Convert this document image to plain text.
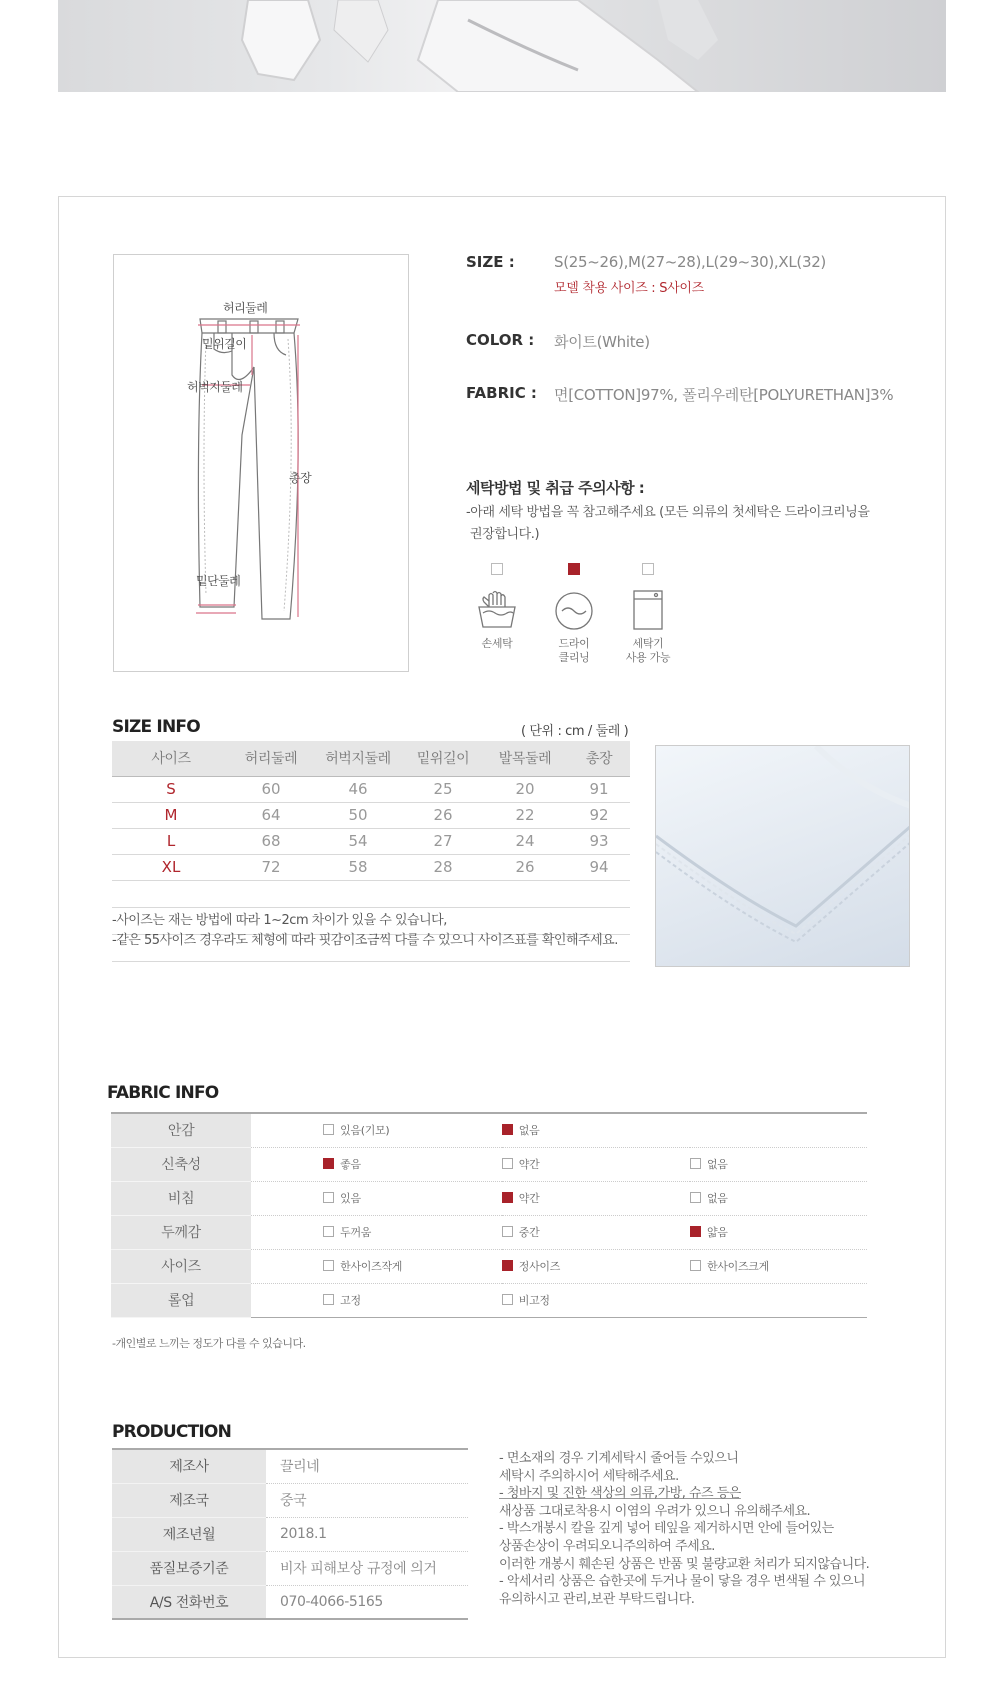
허리둘레
밑위길이
허벅지둘레
총장
밑단둘레
SIZE :	S(25~26),M(27~28),L(29~30),XL(32)
모델 착용 사이즈 : S사이즈
COLOR : 화이트(White)
FABRIC : 면[COTTON]97%, 폴리우레탄[POLYURETHAN]3%
세탁방법 및 취급 주의사항 :
-아래 세탁 방법을 꼭 참고해주세요 (모든 의류의 첫세탁은 드라이크리닝을
권장합니다.)
손세탁	드라이
클리닝
세탁기
사용 가능
SIZE INFO	( 단위 : cm / 둘레 )
사이즈	허리둘레	허벅지둘레	밑위길이	발목둘레	총장
S	60	46	25	20	91
M	64	50	26	22	92
L	68	54	27	24	93
XL	72	58	28	26	94

-사이즈는 재는 방법에 따라 1~2cm 차이가 있을 수 있습니다,
-같은 55사이즈 경우라도 체형에 따라 핏감이조금씩 다를 수 있으니 사이즈표를 확인해주세요.
FABRIC INFO
안감	있음(기모)	없음	
신축성	좋음	약간	없음
비침	있음	약간	없음
두께감	두꺼움	중간	얇음
사이즈	한사이즈작게	정사이즈	한사이즈크게
롤업	고정	비고정	
-개인별로 느끼는 정도가 다를 수 있습니다.
PRODUCTION
제조사	끌리네
제조국	중국
제조년월	2018.1
품질보증기준	비자 피해보상 규정에 의거
A/S 전화번호	070-4066-5165
- 면소재의 경우 기계세탁시 줄어들 수있으니
세탁시 주의하시어 세탁해주세요.
- 청바지 및 진한 색상의 의류,가방, 슈즈 등은
새상품 그대로착용시 이염의 우려가 있으니 유의해주세요.
- 박스개봉시 칼을 깊게 넣어 테잎을 제거하시면 안에 들어있는
상품손상이 우려되오니주의하여 주세요.
이러한 개봉시 훼손된 상품은 반품 및 불량교환 처리가 되지않습니다.
- 악세서리 상품은 습한곳에 두거나 물이 닿을 경우 변색될 수 있으니
유의하시고 관리,보관 부탁드립니다.
